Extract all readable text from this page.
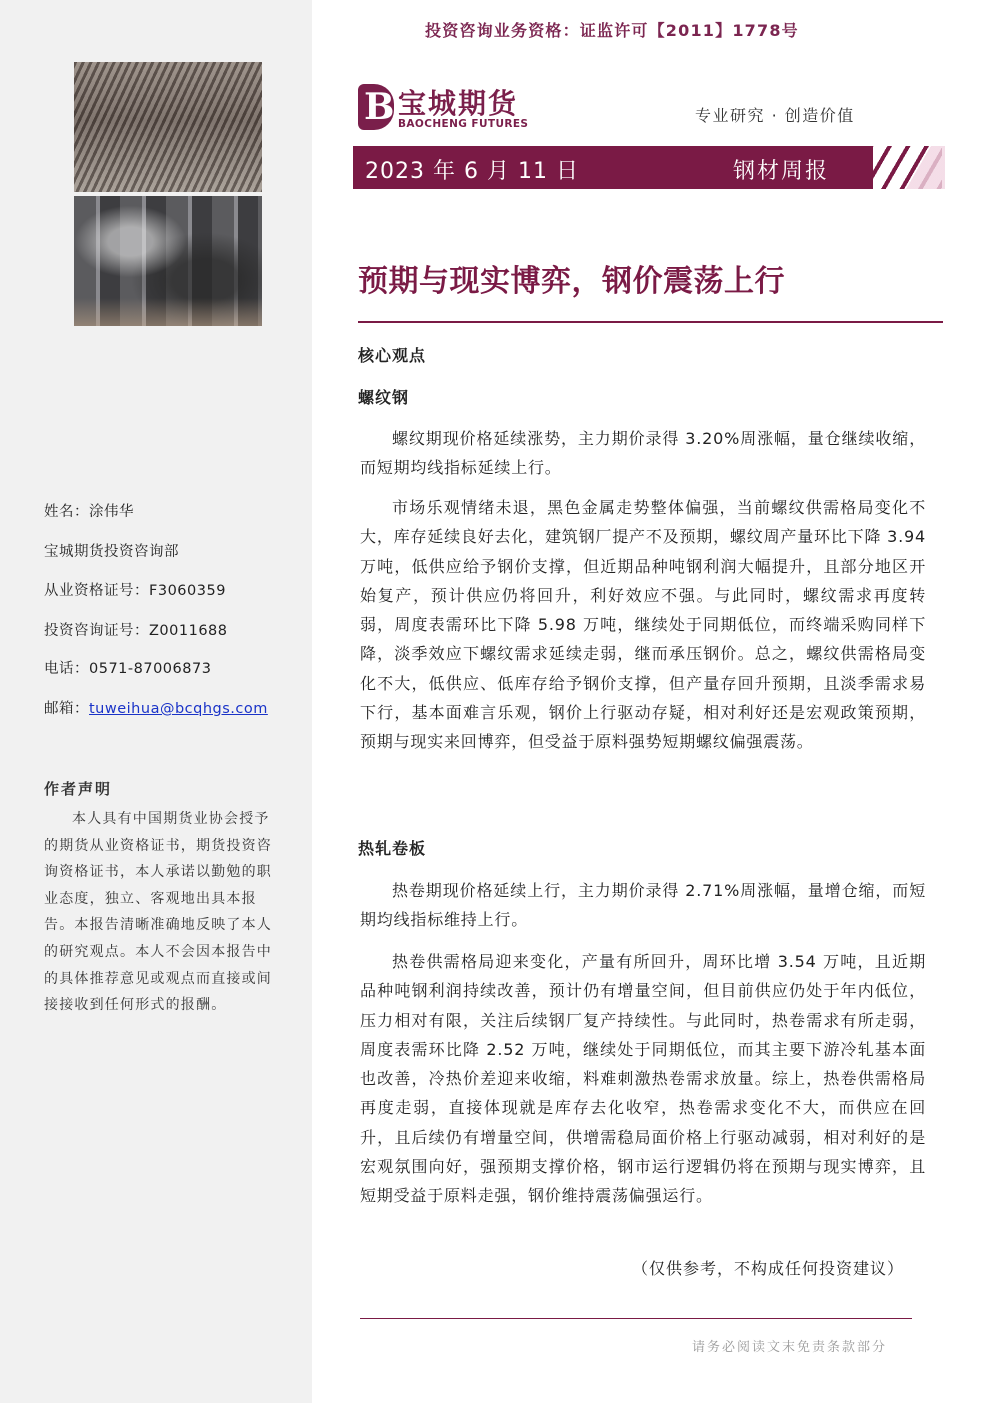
姓名：涂伟华
宝城期货投资咨询部
从业资格证号：F3060359
投资咨询证号：Z0011688
电话：0571-87006873
邮箱：tuweihua@bcqhgs.com
作者声明
本人具有中国期货业协会授予的期货从业资格证书，期货投资咨询资格证书，本人承诺以勤勉的职业态度，独立、客观地出具本报告。本报告清晰准确地反映了本人的研究观点。本人不会因本报告中的具体推荐意见或观点而直接或间接接收到任何形式的报酬。
投资咨询业务资格：证监许可【2011】1778号
B
宝城期货
BAOCHENG FUTURES	专业研究 · 创造价值
2023 年 6 月 11 日	钢材周报
预期与现实博弈，钢价震荡上行
核心观点
螺纹钢
螺纹期现价格延续涨势，主力期价录得 3.20%周涨幅，量仓继续收缩，而短期均线指标延续上行。
市场乐观情绪未退，黑色金属走势整体偏强，当前螺纹供需格局变化不大，库存延续良好去化，建筑钢厂提产不及预期，螺纹周产量环比下降 3.94 万吨，低供应给予钢价支撑，但近期品种吨钢利润大幅提升，且部分地区开始复产，预计供应仍将回升，利好效应不强。与此同时，螺纹需求再度转弱，周度表需环比下降 5.98 万吨，继续处于同期低位，而终端采购同样下降，淡季效应下螺纹需求延续走弱，继而承压钢价。总之，螺纹供需格局变化不大，低供应、低库存给予钢价支撑，但产量存回升预期，且淡季需求易下行，基本面难言乐观，钢价上行驱动存疑，相对利好还是宏观政策预期，预期与现实来回博弈，但受益于原料强势短期螺纹偏强震荡。
热轧卷板
热卷期现价格延续上行，主力期价录得 2.71%周涨幅，量增仓缩，而短期均线指标维持上行。
热卷供需格局迎来变化，产量有所回升，周环比增 3.54 万吨，且近期品种吨钢利润持续改善，预计仍有增量空间，但目前供应仍处于年内低位，压力相对有限，关注后续钢厂复产持续性。与此同时，热卷需求有所走弱，周度表需环比降 2.52 万吨，继续处于同期低位，而其主要下游冷轧基本面也改善，冷热价差迎来收缩，料难刺激热卷需求放量。综上，热卷供需格局再度走弱，直接体现就是库存去化收窄，热卷需求变化不大，而供应在回升，且后续仍有增量空间，供增需稳局面价格上行驱动减弱，相对利好的是宏观氛围向好，强预期支撑价格，钢市运行逻辑仍将在预期与现实博弈，且短期受益于原料走强，钢价维持震荡偏强运行。
（仅供参考，不构成任何投资建议）
请务必阅读文末免责条款部分
